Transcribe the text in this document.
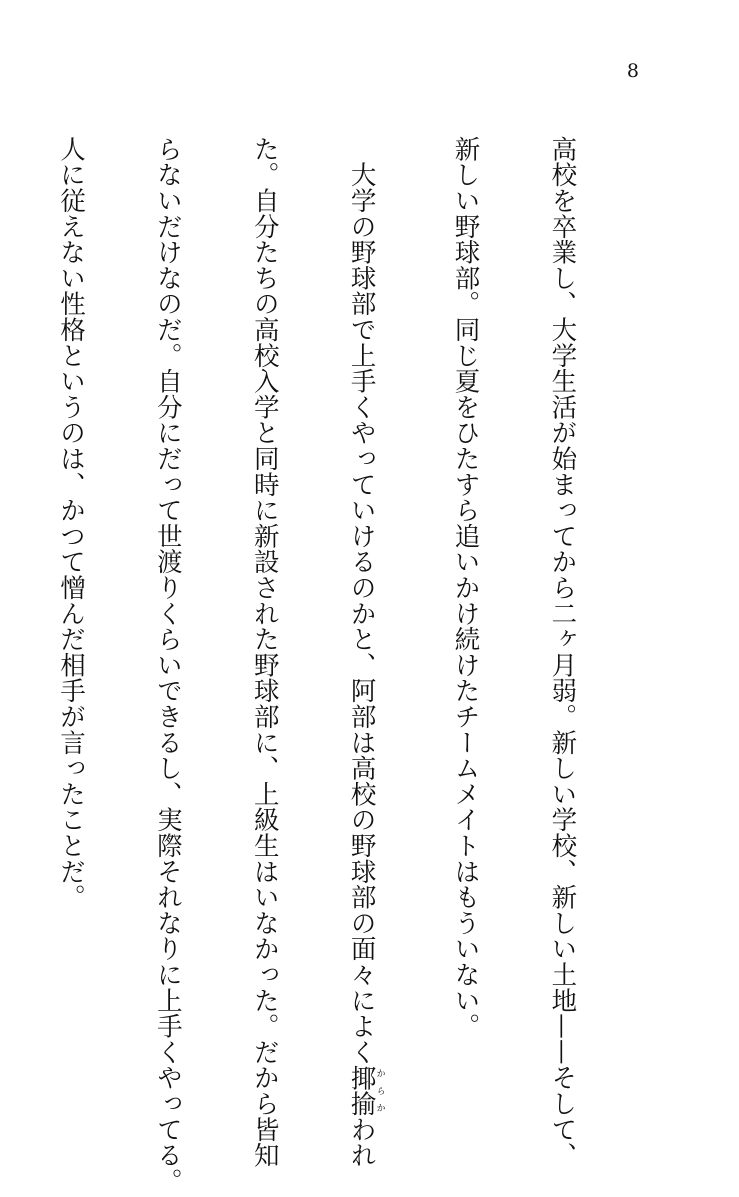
8

高校を卒業し、大学生活が始まってから二ヶ月弱。新しい学校、新しい土地——そして、

新しい野球部。同じ夏をひたすら追いかけ続けたチームメイトはもういない。

　大学の野球部で上手くやっていけるのかと、阿部は高校の野球部の面々によく揶揄からかわれ

た。自分たちの高校入学と同時に新設された野球部に、上級生はいなかった。だから皆知

らないだけなのだ。自分にだって世渡りくらいできるし、実際それなりに上手くやってる。

人に従えない性格というのは、かつて憎んだ相手が言ったことだ。
